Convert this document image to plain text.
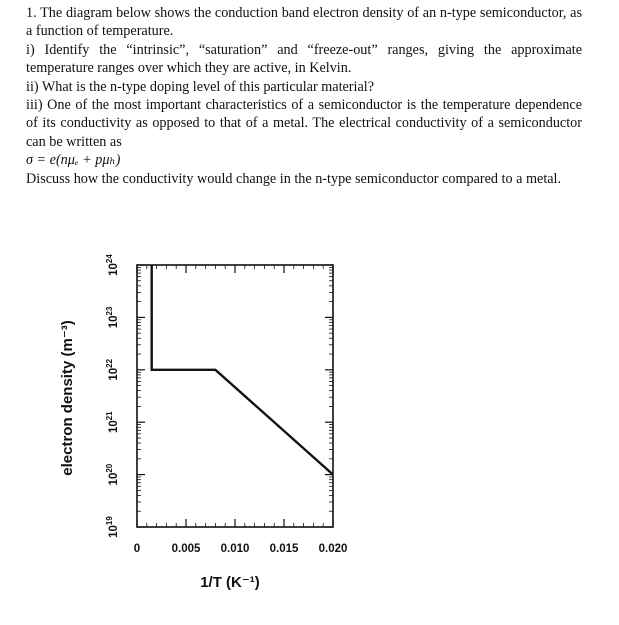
1. The diagram below shows the conduction band electron density of an n‑type semiconductor, as a function of temperature.

i) Identify the “intrinsic”, “saturation” and “freeze‑out” ranges, giving the approximate temperature ranges over which they are active, in Kelvin.

ii) What is the n‑type doping level of this particular material?

iii) One of the most important characteristics of a semiconductor is the temperature dependence of its conductivity as opposed to that of a metal. The electrical conductivity of a semiconductor can be written as

σ = e(nμₑ + pμₕ)

Discuss how the conductivity would change in the n‑type semiconductor compared to a metal.

0	0.005 0.010 0.015 0.020
$10^{24}$
$10^{23}$
$10^{22}$
$10^{21}$
$10^{20}$
$10^{19}$
electron density (m⁻³)
1/T (K⁻¹)
